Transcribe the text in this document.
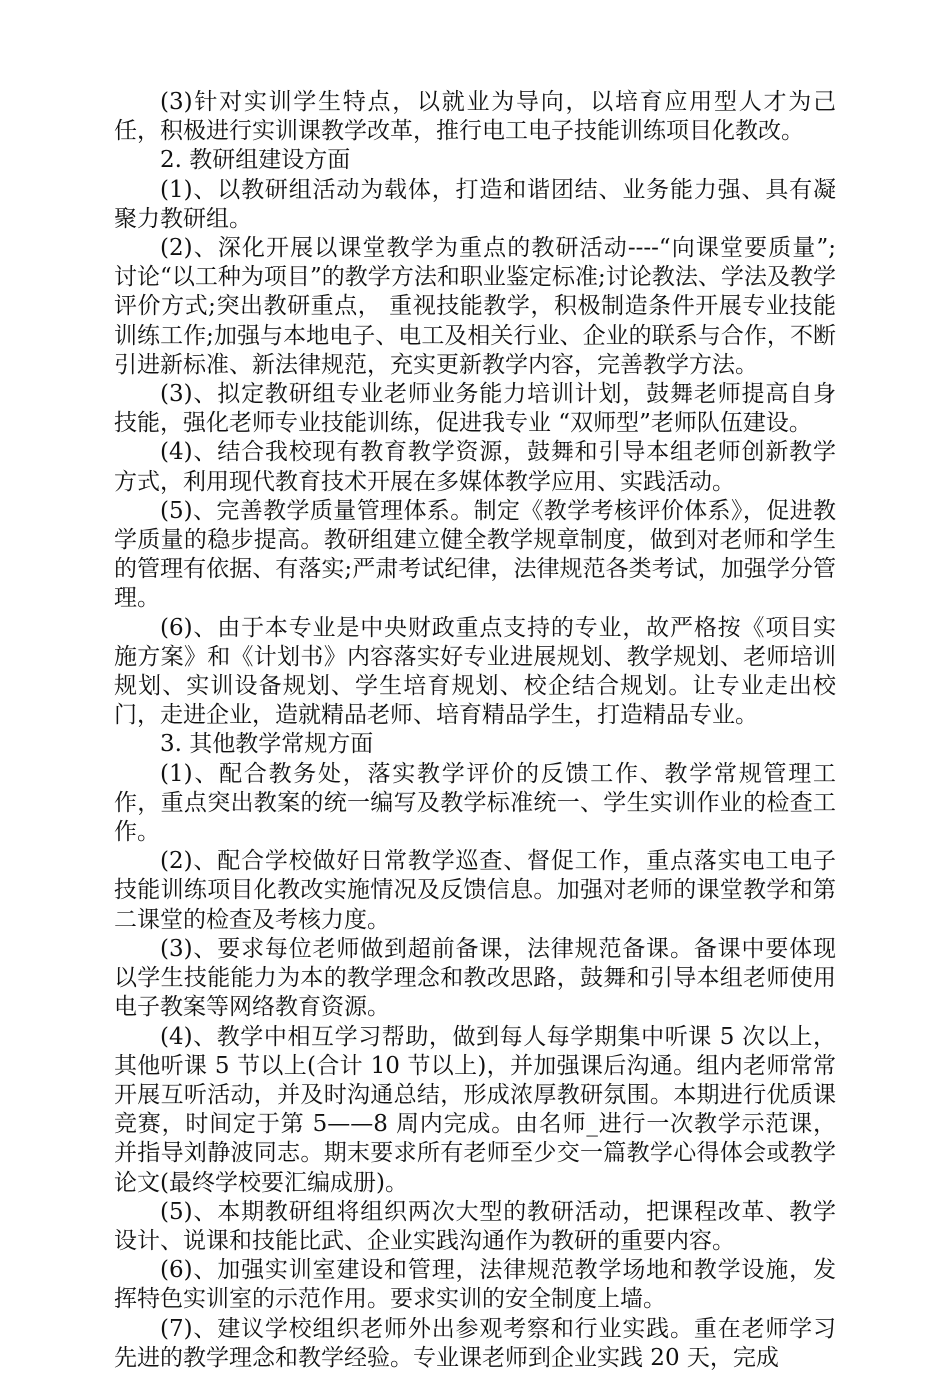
(3)针对实训学生特点，以就业为导向，以培育应用型人才为己任，积极进行实训课教学改革，推行电工电子技能训练项目化教改。

2. 教研组建设方面

(1)、以教研组活动为载体，打造和谐团结、业务能力强、具有凝聚力教研组。

(2)、深化开展以课堂教学为重点的教研活动----“向课堂要质量”; 讨论“以工种为项目”的教学方法和职业鉴定标准;讨论教法、学法及教学评价方式;突出教研重点， 重视技能教学，积极制造条件开展专业技能训练工作;加强与本地电子、电工及相关行业、企业的联系与合作，不断引进新标准、新法律规范，充实更新教学内容，完善教学方法。

(3)、拟定教研组专业老师业务能力培训计划，鼓舞老师提高自身技能，强化老师专业技能训练，促进我专业 “双师型”老师队伍建设。

(4)、结合我校现有教育教学资源，鼓舞和引导本组老师创新教学方式，利用现代教育技术开展在多媒体教学应用、实践活动。

(5)、完善教学质量管理体系。制定《教学考核评价体系》，促进教学质量的稳步提高。教研组建立健全教学规章制度，做到对老师和学生的管理有依据、有落实;严肃考试纪律，法律规范各类考试，加强学分管理。

(6)、由于本专业是中央财政重点支持的专业，故严格按《项目实施方案》和《计划书》内容落实好专业进展规划、教学规划、老师培训规划、实训设备规划、学生培育规划、校企结合规划。让专业走出校门，走进企业，造就精品老师、培育精品学生，打造精品专业。

3. 其他教学常规方面

(1)、配合教务处，落实教学评价的反馈工作、教学常规管理工作，重点突出教案的统一编写及教学标准统一、学生实训作业的检查工作。

(2)、配合学校做好日常教学巡查、督促工作，重点落实电工电子技能训练项目化教改实施情况及反馈信息。加强对老师的课堂教学和第二课堂的检查及考核力度。

(3)、要求每位老师做到超前备课，法律规范备课。备课中要体现以学生技能能力为本的教学理念和教改思路，鼓舞和引导本组老师使用电子教案等网络教育资源。

(4)、教学中相互学习帮助，做到每人每学期集中听课 5 次以上，其他听课 5 节以上(合计 10 节以上)，并加强课后沟通。组内老师常常开展互听活动，并及时沟通总结，形成浓厚教研氛围。本期进行优质课竞赛，时间定于第 5——8 周内完成。由名师_进行一次教学示范课，并指导刘静波同志。期末要求所有老师至少交一篇教学心得体会或教学论文(最终学校要汇编成册)。

(5)、本期教研组将组织两次大型的教研活动，把课程改革、教学设计、说课和技能比武、企业实践沟通作为教研的重要内容。

(6)、加强实训室建设和管理，法律规范教学场地和教学设施，发挥特色实训室的示范作用。要求实训的安全制度上墙。

(7)、建议学校组织老师外出参观考察和行业实践。重在老师学习先进的教学理念和教学经验。专业课老师到企业实践 20 天，完成
